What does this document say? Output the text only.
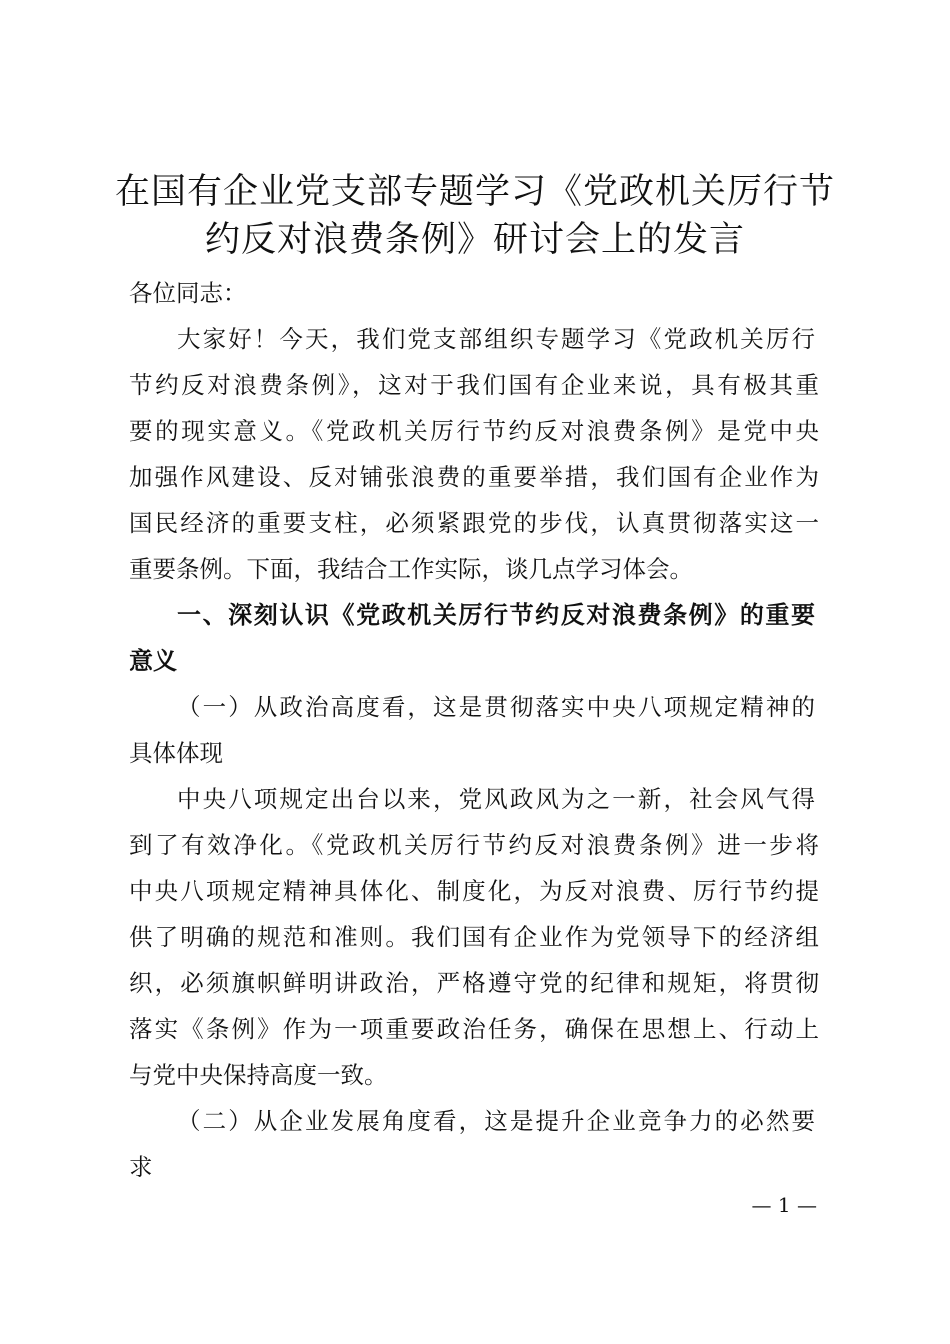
在国有企业党支部专题学习《党政机关厉行节
约反对浪费条例》研讨会上的发言

各位同志：

大家好！今天，我们党支部组织专题学习《党政机关厉行

节约反对浪费条例》，这对于我们国有企业来说，具有极其重

要的现实意义。《党政机关厉行节约反对浪费条例》是党中央

加强作风建设、反对铺张浪费的重要举措，我们国有企业作为

国民经济的重要支柱，必须紧跟党的步伐，认真贯彻落实这一

重要条例。下面，我结合工作实际，谈几点学习体会。

一、深刻认识《党政机关厉行节约反对浪费条例》的重要

意义

（一）从政治高度看，这是贯彻落实中央八项规定精神的

具体体现

中央八项规定出台以来，党风政风为之一新，社会风气得

到了有效净化。《党政机关厉行节约反对浪费条例》进一步将

中央八项规定精神具体化、制度化，为反对浪费、厉行节约提

供了明确的规范和准则。我们国有企业作为党领导下的经济组

织，必须旗帜鲜明讲政治，严格遵守党的纪律和规矩，将贯彻

落实《条例》作为一项重要政治任务，确保在思想上、行动上

与党中央保持高度一致。

（二）从企业发展角度看，这是提升企业竞争力的必然要

求

— 1 —
